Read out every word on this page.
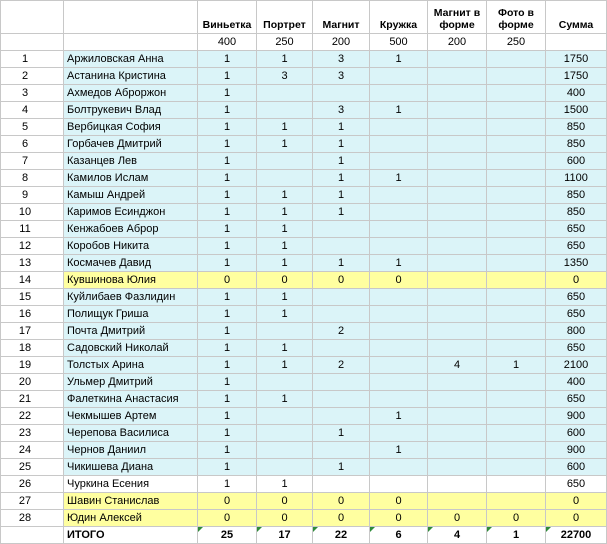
		Виньетка	Портрет	Магнит	Кружка	Магнит в форме	Фото в форме	Сумма
		400	250	200	500	200	250	
1	Аржиловская Анна	1	1	3	1			1750
2	Астанина Кристина	1	3	3				1750
3	Ахмедов Аброржон	1						400
4	Болтрукевич Влад	1		3	1			1500
5	Вербицкая София	1	1	1				850
6	Горбачев Дмитрий	1	1	1				850
7	Казанцев Лев	1		1				600
8	Камилов Ислам	1		1	1			1100
9	Камыш Андрей	1	1	1				850
10	Каримов Есинджон	1	1	1				850
11	Кенжабоев Аброр	1	1					650
12	Коробов Никита	1	1					650
13	Космачев Давид	1	1	1	1			1350
14	Кувшинова Юлия	0	0	0	0			0
15	Куйлибаев Фазлидин	1	1					650
16	Полищук Гриша	1	1					650
17	Почта Дмитрий	1		2				800
18	Садовский Николай	1	1					650
19	Толстых Арина	1	1	2		4	1	2100
20	Ульмер Дмитрий	1						400
21	Фалеткина Анастасия	1	1					650
22	Чекмышев Артем	1			1			900
23	Черепова Василиса	1		1				600
24	Чернов Даниил	1			1			900
25	Чикишева Диана	1		1				600
26	Чуркина Есения	1	1					650
27	Шавин Станислав	0	0	0	0			0
28	Юдин Алексей	0	0	0	0	0	0	0
	ИТОГО	25	17	22	6	4	1	22700
